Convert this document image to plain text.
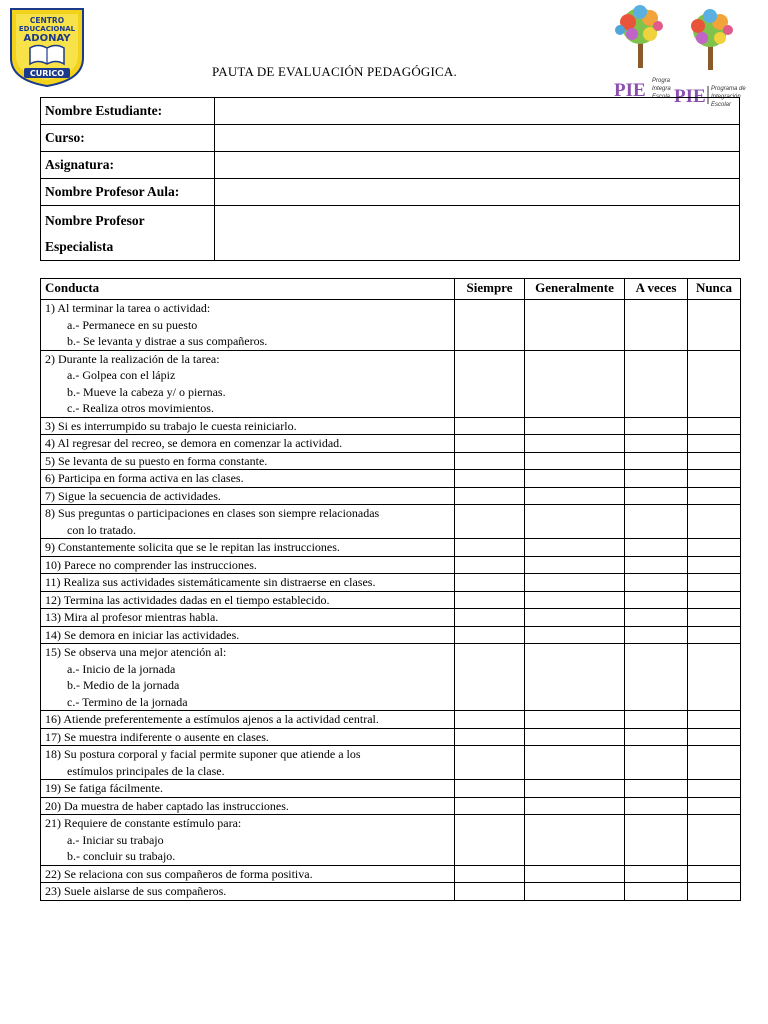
CENTRO
EDUCACIONAL
ADONAY
CURICO	PAUTA DE EVALUACIÓN PEDAGÓGICA.
PIE Progra
Integra
Escola PIE Programa de
Integración
Escolar
Nombre Estudiante:	
Curso:	
Asignatura:	
Nombre Profesor Aula:	

Nombre Profesor
Especialista	

Conducta	Siempre	Generalmente	A veces	Nunca

1) Al terminar la tarea o actividad:
a.- Permanece en su puesto
b.- Se levanta y distrae a sus compañeros.				

2) Durante la realización de la tarea:
a.- Golpea con el lápiz
b.- Mueve la cabeza y/ o piernas.
c.- Realiza otros movimientos.				

3) Si es interrumpido su trabajo le cuesta reiniciarlo.				

4) Al regresar del recreo, se demora en comenzar la actividad.				

5) Se levanta de su puesto en forma constante.				

6) Participa en forma activa en las clases.				

7) Sigue la secuencia de actividades.				

8) Sus preguntas o participaciones en clases son siempre relacionadas
con lo tratado.				

9) Constantemente solicita que se le repitan las instrucciones.				

10) Parece no comprender las instrucciones.				

11) Realiza sus actividades sistemáticamente sin distraerse en clases.				

12) Termina las actividades dadas en el tiempo establecido.				

13) Mira al profesor mientras habla.				

14) Se demora en iniciar las actividades.				

15) Se observa una mejor atención al:
a.- Inicio de la jornada
b.- Medio de la jornada
c.- Termino de la jornada				

16) Atiende preferentemente a estímulos ajenos a la actividad central.				

17) Se muestra indiferente o ausente en clases.				

18) Su postura corporal y facial permite suponer que atiende a los
estímulos principales de la clase.				

19) Se fatiga fácilmente.				

20) Da muestra de haber captado las instrucciones.				

21) Requiere de constante estímulo para:
a.- Iniciar su trabajo
b.- concluir su trabajo.				

22) Se relaciona con sus compañeros de forma positiva.				

23) Suele aislarse de sus compañeros.				
